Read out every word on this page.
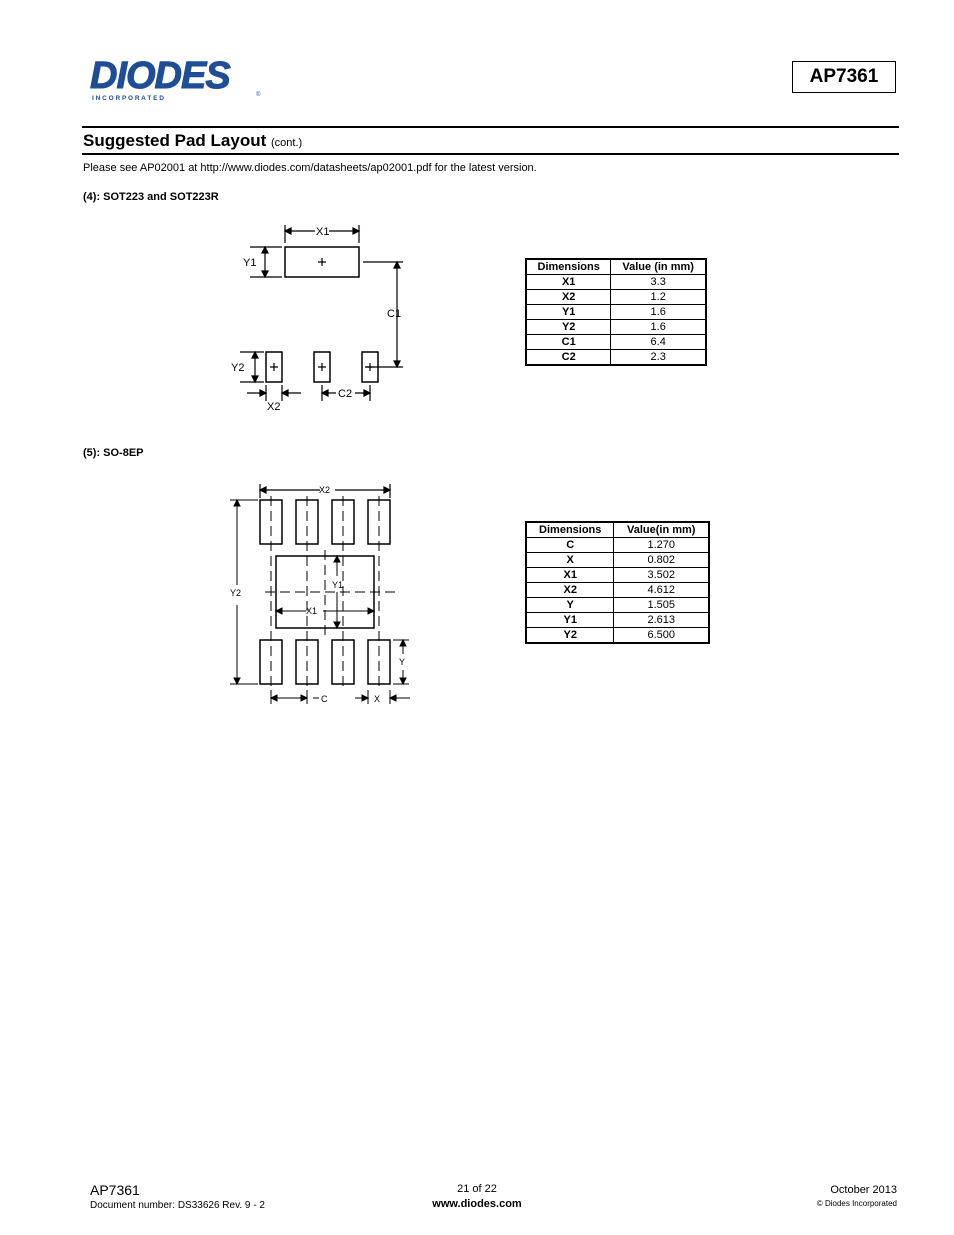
DIODES
I N C O R P O R A T E D	®
AP7361
Suggested Pad Layout (cont.)
Please see AP02001 at http://www.diodes.com/datasheets/ap02001.pdf for the latest version.
(4): SOT223 and SOT223R
X1
Y1
C1
Y2
X2
C2
Dimensions	Value (in mm)
X1	3.3
X2	1.2
Y1	1.6
Y2	1.6
C1	6.4
C2	2.3
(5): SO-8EP
X2
Y2
Y1
X1
Y
C	X
Dimensions	Value(in mm)
C	1.270
X	0.802
X1	3.502
X2	4.612
Y	1.505
Y1	2.613
Y2	6.500
AP7361
Document number: DS33626 Rev. 9 - 2
21 of 22
www.diodes.com
October 2013
© Diodes Incorporated
